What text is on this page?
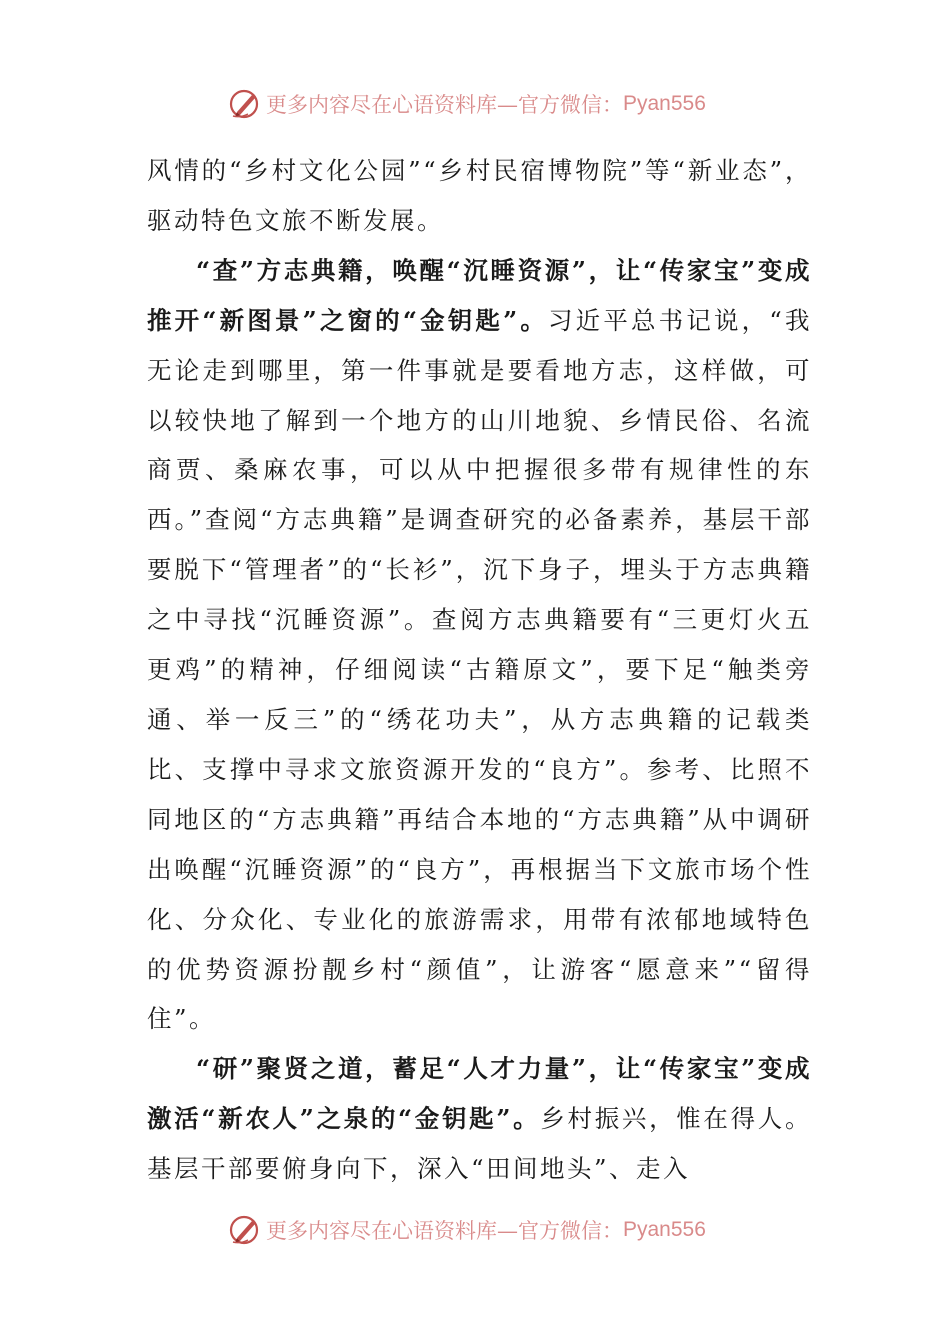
更多内容尽在心语资料库—官方微信： Pyan556

风情的“乡村文化公园”“乡村民宿博物院”等“新业态”，驱动特色文旅不断发展。

“查”方志典籍，唤醒“沉睡资源”，让“传家宝”变成推开“新图景”之窗的“金钥匙”。习近平总书记说，“我无论走到哪里，第一件事就是要看地方志，这样做，可以较快地了解到一个地方的山川地貌、乡情民俗、名流商贾、桑麻农事，可以从中把握很多带有规律性的东西。”查阅“方志典籍”是调查研究的必备素养，基层干部要脱下“管理者”的“长衫”，沉下身子，埋头于方志典籍之中寻找“沉睡资源”。查阅方志典籍要有“三更灯火五更鸡”的精神，仔细阅读“古籍原文”，要下足“触类旁通、举一反三”的“绣花功夫”，从方志典籍的记载类比、支撑中寻求文旅资源开发的“良方”。参考、比照不同地区的“方志典籍”再结合本地的“方志典籍”从中调研出唤醒“沉睡资源”的“良方”，再根据当下文旅市场个性化、分众化、专业化的旅游需求，用带有浓郁地域特色的优势资源扮靓乡村“颜值”，让游客“愿意来”“留得住”。

“研”聚贤之道，蓄足“人才力量”，让“传家宝”变成激活“新农人”之泉的“金钥匙”。乡村振兴，惟在得人。基层干部要俯身向下，深入“田间地头”、走入

更多内容尽在心语资料库—官方微信： Pyan556
